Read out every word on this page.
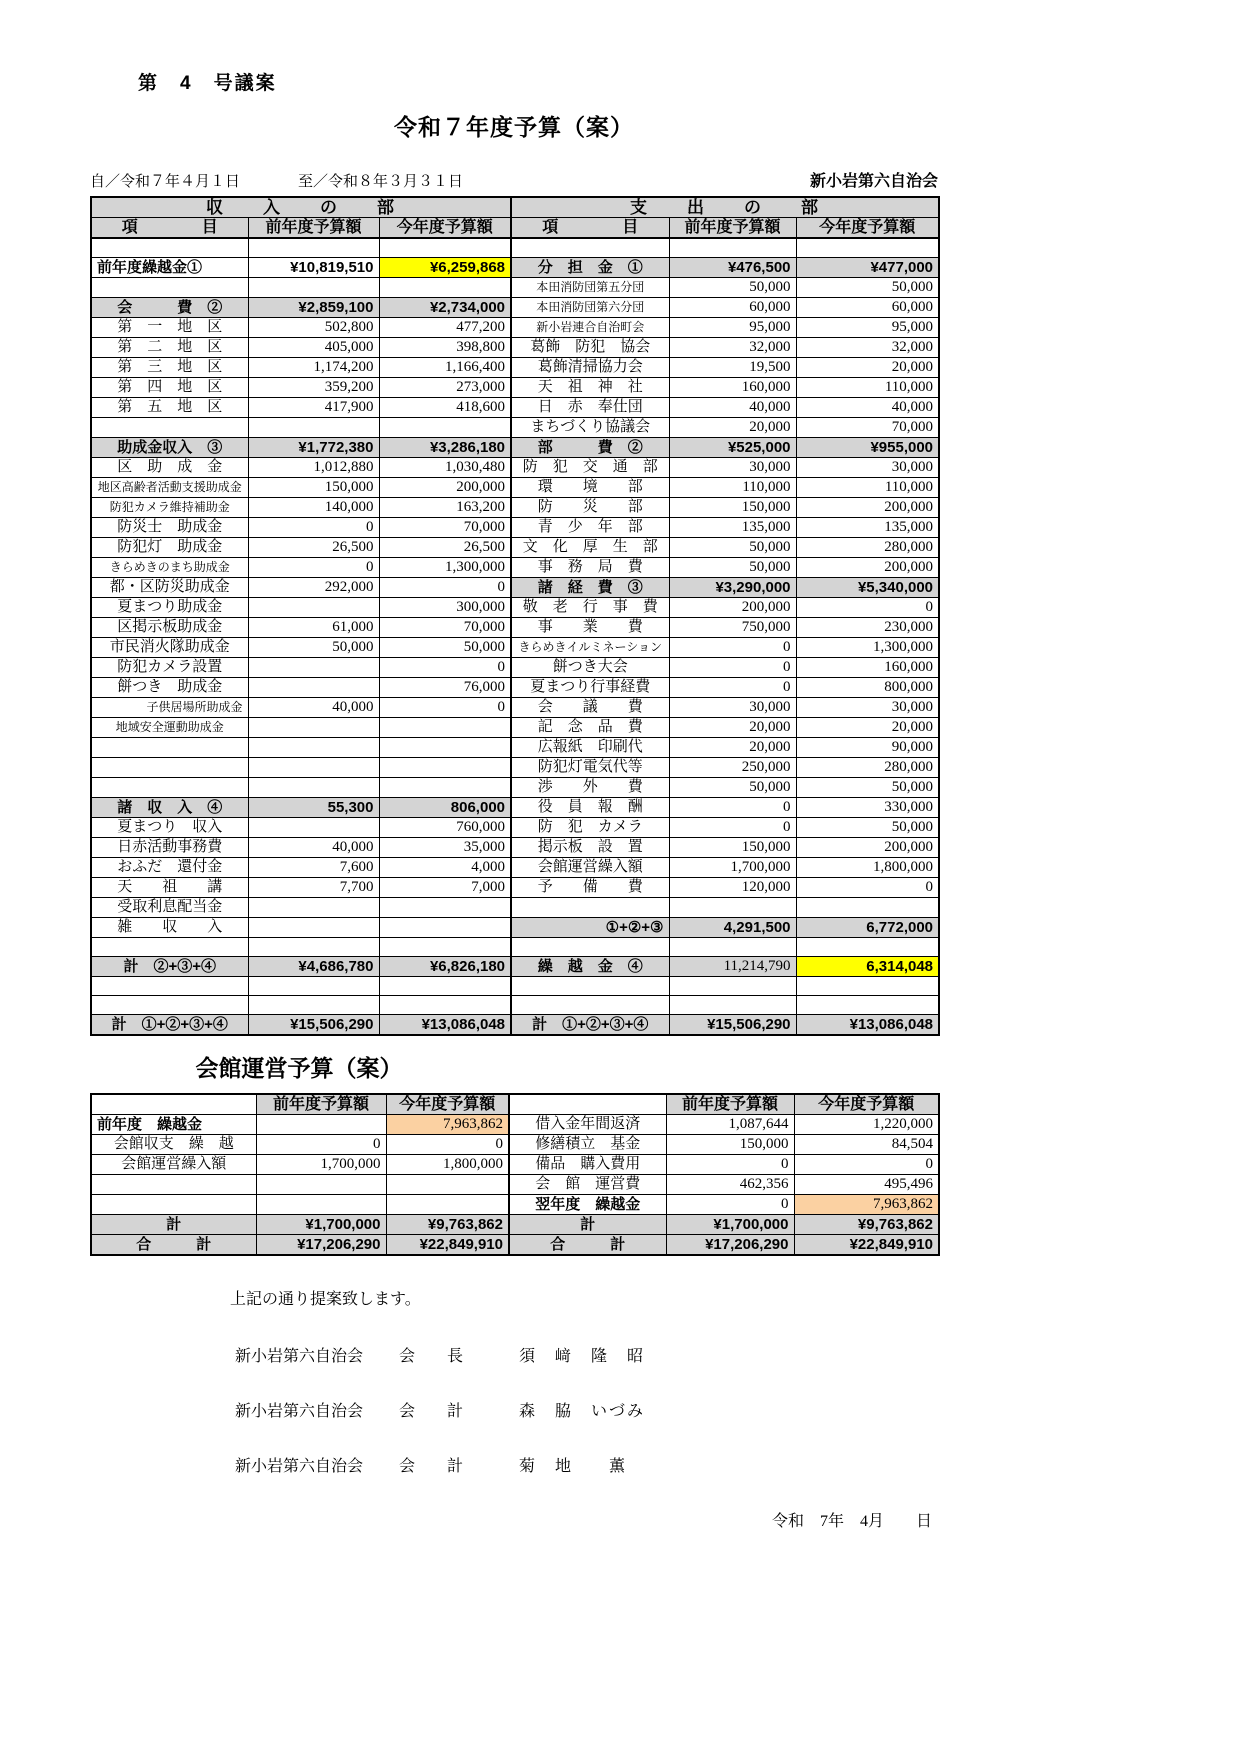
第　4　号議案
令和７年度予算（案）
自／令和７年４月１日	至／令和８年３月３１日	新小岩第六自治会
収　　入　　の　　部			支　　出　　の　　部		
項　　　　目	前年度予算額	今年度予算額	項　　　　目	前年度予算額	今年度予算額

前年度繰越金①	¥10,819,510	¥6,259,868	分　担　金　①	¥476,500	¥477,000
			本田消防団第五分団	50,000	50,000
会　　　費　②	¥2,859,100	¥2,734,000	本田消防団第六分団	60,000	60,000
第　一　地　区	502,800	477,200	新小岩連合自治町会	95,000	95,000
第　二　地　区	405,000	398,800	葛飾　防犯　協会	32,000	32,000
第　三　地　区	1,174,200	1,166,400	葛飾清掃協力会	19,500	20,000
第　四　地　区	359,200	273,000	天　祖　神　社	160,000	110,000
第　五　地　区	417,900	418,600	日　赤　奉仕団	40,000	40,000
			まちづくり協議会	20,000	70,000
助成金収入　③	¥1,772,380	¥3,286,180	部　　　費　②	¥525,000	¥955,000
区　助　成　金	1,012,880	1,030,480	防　犯　交　通　部	30,000	30,000
地区高齢者活動支援助成金	150,000	200,000	環　　境　　部	110,000	110,000
防犯カメラ維持補助金	140,000	163,200	防　　災　　部	150,000	200,000
防災士　助成金	0	70,000	青　少　年　部	135,000	135,000
防犯灯　助成金	26,500	26,500	文　化　厚　生　部	50,000	280,000
きらめきのまち助成金	0	1,300,000	事　務　局　費	50,000	200,000
都・区防災助成金	292,000	0	諸　経　費　③	¥3,290,000	¥5,340,000
夏まつり助成金		300,000	敬　老　行　事　費	200,000	0
区掲示板助成金	61,000	70,000	事　　業　　費	750,000	230,000
市民消火隊助成金	50,000	50,000	きらめきイルミネーション	0	1,300,000
防犯カメラ設置		0	餅つき大会	0	160,000
餅つき　助成金		76,000	夏まつり行事経費	0	800,000
子供居場所助成金	40,000	0	会　　議　　費	30,000	30,000
地域安全運動助成金			記　念　品　費	20,000	20,000
			広報紙　印刷代	20,000	90,000
			防犯灯電気代等	250,000	280,000
			渉　　外　　費	50,000	50,000
諸　収　入　④	55,300	806,000	役　員　報　酬	0	330,000
夏まつり　収入		760,000	防　犯　カメラ	0	50,000
日赤活動事務費	40,000	35,000	掲示板　設　置	150,000	200,000
おふだ　還付金	7,600	4,000	会館運営繰入額	1,700,000	1,800,000
天　　祖　　講	7,700	7,000	予　　備　　費	120,000	0
受取利息配当金					
雑　　収　　入			①+②+③	4,291,500	6,772,000

計　②+③+④	¥4,686,780	¥6,826,180	繰　越　金　④	11,214,790	6,314,048

計　①+②+③+④	¥15,506,290	¥13,086,048	計　①+②+③+④	¥15,506,290	¥13,086,048
会館運営予算（案）
	前年度予算額	今年度予算額		前年度予算額	今年度予算額
前年度　繰越金		7,963,862	借入金年間返済	1,087,644	1,220,000
会館収支　繰　越	0	0	修繕積立　基金	150,000	84,504
会館運営繰入額	1,700,000	1,800,000	備品　購入費用	0	0
			会　館　運営費	462,356	495,496
			翌年度　繰越金	0	7,963,862
計	¥1,700,000	¥9,763,862	計	¥1,700,000	¥9,763,862
合　　　計	¥17,206,290	¥22,849,910	合　　　計	¥17,206,290	¥22,849,910
上記の通り提案致します。
新小岩第六自治会	会　　長	須　﨑　隆　昭
新小岩第六自治会	会　　計	森　脇　いづみ
新小岩第六自治会	会　　計	菊　地　　薫
令和　7年　4月　　日
